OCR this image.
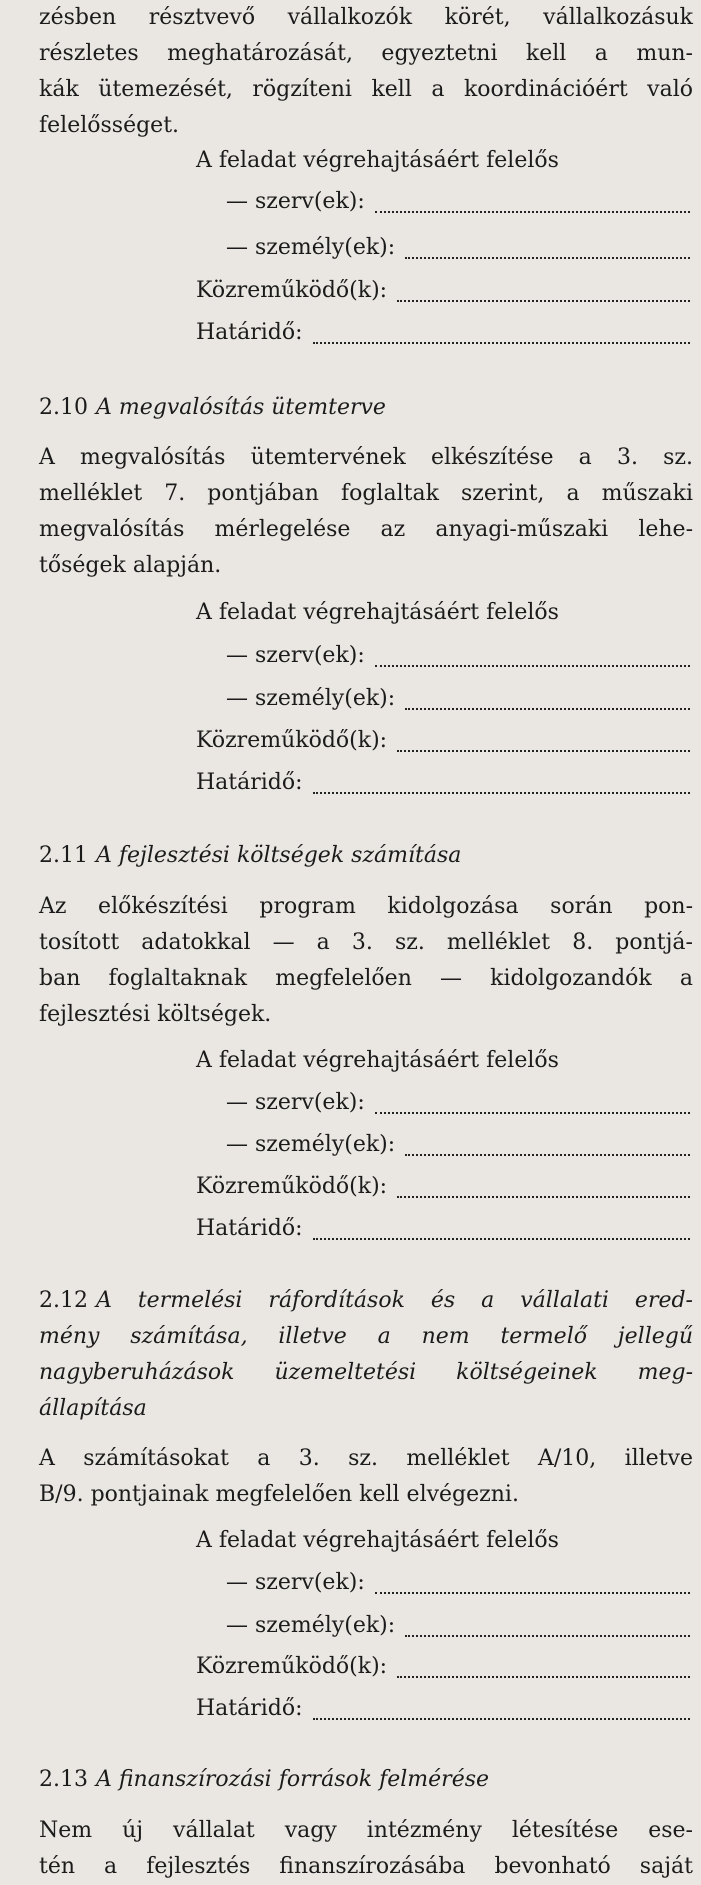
zésben résztvevő vállalkozók körét, vállalkozásuk
részletes meghatározását, egyeztetni kell a mun-
kák ütemezését, rögzíteni kell a koordinációért való
felelősséget.
A feladat végrehajtásáért felelős
— szerv(ek):
— személy(ek):
Közreműködő(k):
Határidő:
2.10 A megvalósítás ütemterve
A megvalósítás ütemtervének elkészítése a 3. sz.
melléklet 7. pontjában foglaltak szerint, a műszaki
megvalósítás mérlegelése az anyagi-műszaki lehe-
tőségek alapján.
A feladat végrehajtásáért felelős
— szerv(ek):
— személy(ek):
Közreműködő(k):
Határidő:
2.11 A fejlesztési költségek számítása
Az előkészítési program kidolgozása során pon-
tosított adatokkal — a 3. sz. melléklet 8. pontjá-
ban foglaltaknak megfelelően — kidolgozandók a
fejlesztési költségek.
A feladat végrehajtásáért felelős
— szerv(ek):
— személy(ek):
Közreműködő(k):
Határidő:
2.12 A termelési ráfordítások és a vállalati ered-
mény számítása, illetve a nem termelő jellegű
nagyberuházások üzemeltetési költségeinek meg-
állapítása
A számításokat a 3. sz. melléklet A/10, illetve
B/9. pontjainak megfelelően kell elvégezni.
A feladat végrehajtásáért felelős
— szerv(ek):
— személy(ek):
Közreműködő(k):
Határidő:
2.13 A finanszírozási források felmérése
Nem új vállalat vagy intézmény létesítése ese-
tén a fejlesztés finanszírozásába bevonható saját
